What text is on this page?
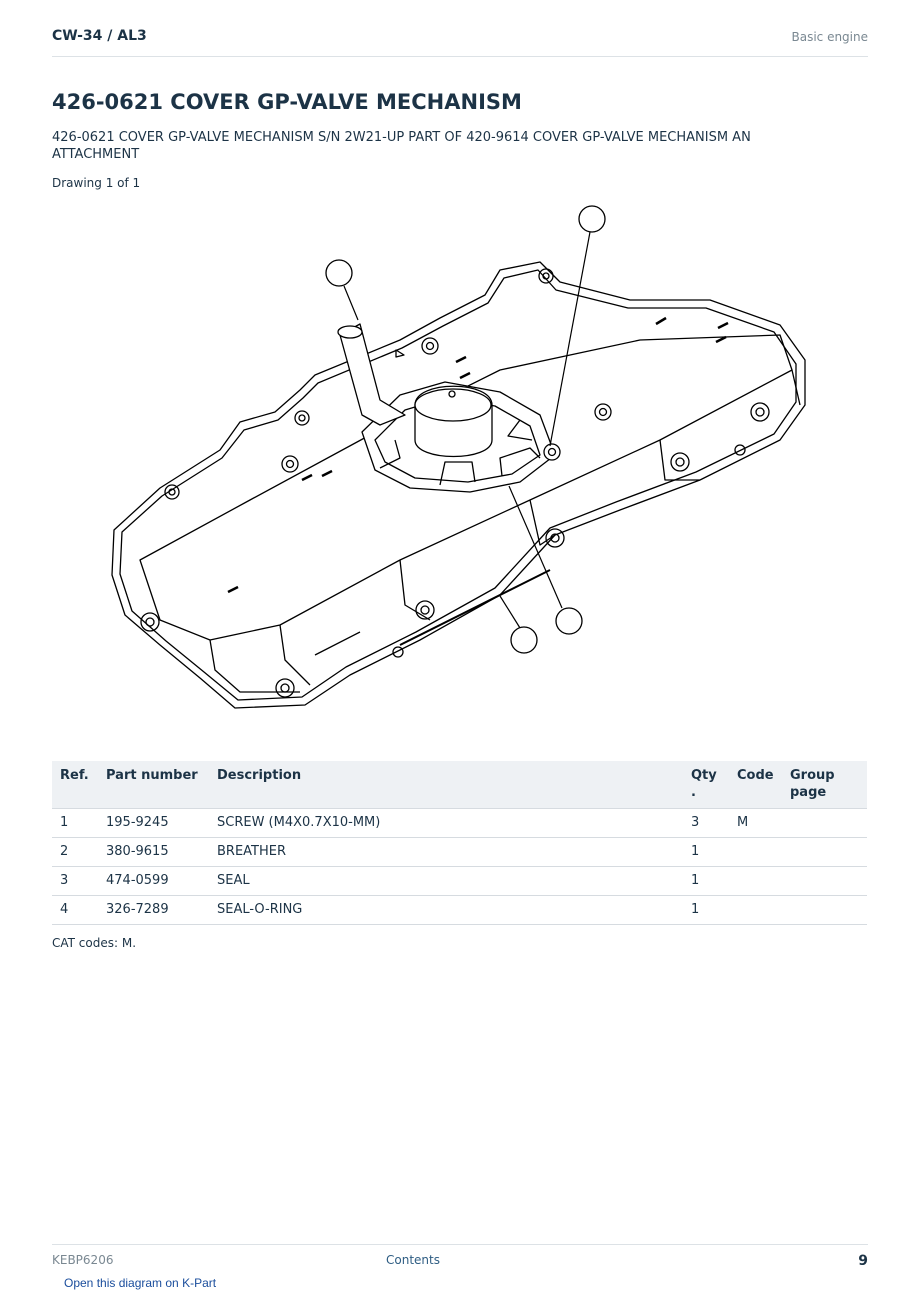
CW-34 / AL3	Basic engine
426-0621 COVER GP-VALVE MECHANISM
426-0621 COVER GP-VALVE MECHANISM S/N 2W21-UP PART OF 420-9614 COVER GP-VALVE MECHANISM AN ATTACHMENT
Drawing 1 of 1
Ref.	Part number	Description	Qty .	Code	Group page
1	195-9245	SCREW (M4X0.7X10-MM)	3	M	
2	380-9615	BREATHER	1		
3	474-0599	SEAL	1		
4	326-7289	SEAL-O-RING	1		
CAT codes: M.
KEBP6206	Contents	9
Open this diagram on K-Part
